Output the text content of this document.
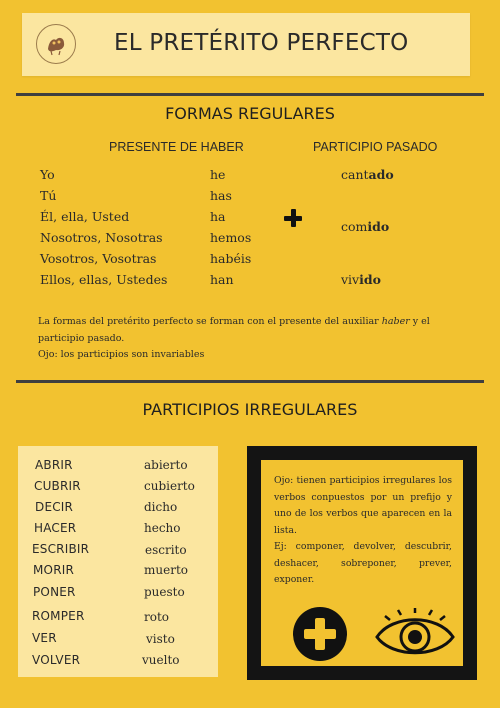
EL PRETÉRITO PERFECTO
FORMAS REGULARES
PRESENTE DE HABER	PARTICIPIO PASADO
Yo
Tú
Él, ella, Usted
Nosotros, Nosotras
Vosotros, Vosotras
Ellos, ellas, Ustedes
he
has
ha
hemos
habéis
han
cantado
comido
vivido
La formas del pretérito perfecto se forman con el presente del auxiliar haber y el
participio pasado.
Ojo: los participios son invariables
PARTICIPIOS IRREGULARES
ABRIR
CUBRIR
DECIR
HACER
ESCRIBIR
MORIR
PONER
ROMPER
VER
VOLVER
abierto
cubierto
dicho
hecho
escrito
muerto
puesto
roto
visto
vuelto

Ojo: tienen participios irregulares los verbos conpuestos por un prefijo y uno de los verbos que aparecen en la lista.

Ej: componer, devolver, descubrir, deshacer, sobreponer, prever, exponer.
